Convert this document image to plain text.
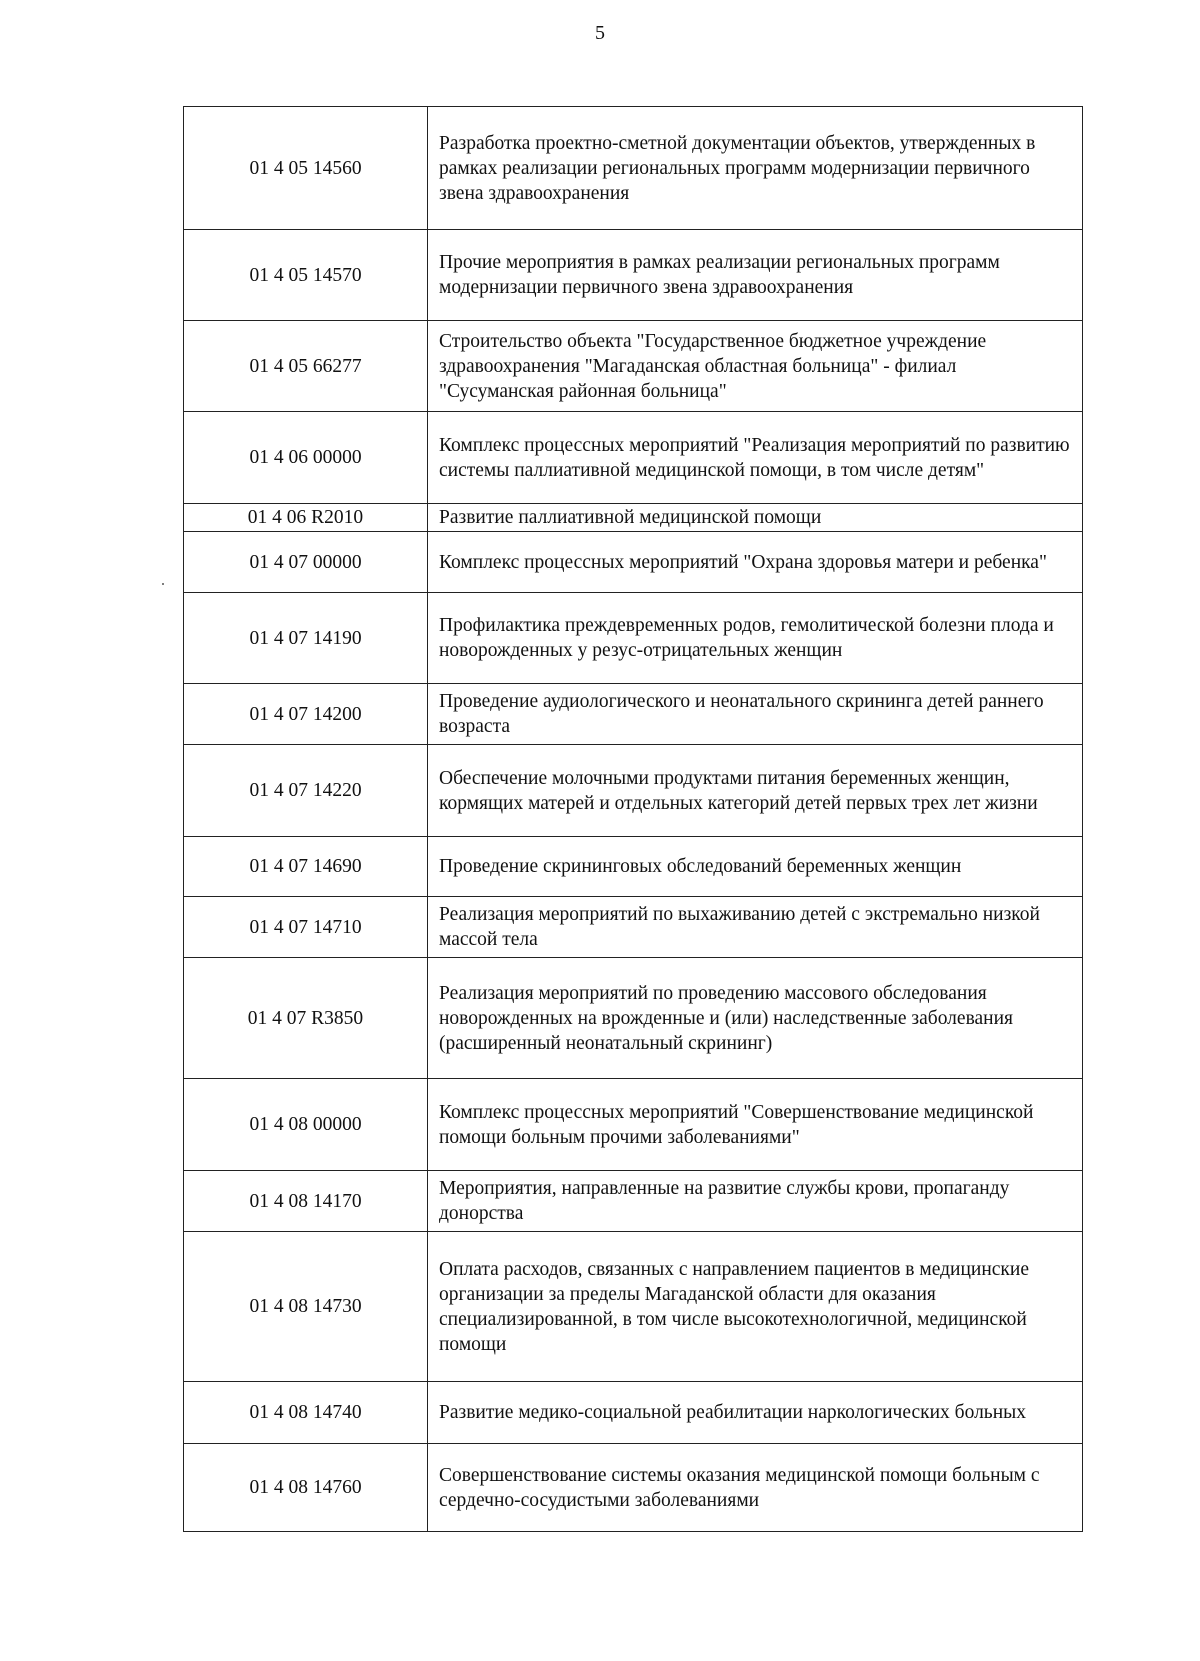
5
01 4 05 14560	Разработка проектно-сметной документации объектов, утвержденных в рамках реализации региональных программ модернизации первичного звена здравоохранения
01 4 05 14570	Прочие мероприятия в рамках реализации региональных программ модернизации первичного звена здравоохранения
01 4 05 66277	Строительство объекта "Государственное бюджетное учреждение здравоохранения "Магаданская областная больница" - филиал "Сусуманская районная больница"
01 4 06 00000	Комплекс процессных мероприятий "Реализация мероприятий по развитию системы паллиативной медицинской помощи, в том числе детям"
01 4 06 R2010	Развитие паллиативной медицинской помощи
01 4 07 00000	Комплекс процессных мероприятий "Охрана здоровья матери и ребенка"
01 4 07 14190	Профилактика преждевременных родов, гемолитической болезни плода и новорожденных у резус-отрицательных женщин
01 4 07 14200	Проведение аудиологического и неонатального скрининга детей раннего возраста
01 4 07 14220	Обеспечение молочными продуктами питания беременных женщин, кормящих матерей и отдельных категорий детей первых трех лет жизни
01 4 07 14690	Проведение скрининговых обследований беременных женщин
01 4 07 14710	Реализация мероприятий по выхаживанию детей с экстремально низкой массой тела
01 4 07 R3850	Реализация мероприятий по проведению массового обследования новорожденных на врожденные и (или) наследственные заболевания (расширенный неонатальный скрининг)
01 4 08 00000	Комплекс процессных мероприятий "Совершенствование медицинской помощи больным прочими заболеваниями"
01 4 08 14170	Мероприятия, направленные на развитие службы крови, пропаганду донорства
01 4 08 14730	Оплата расходов, связанных с направлением пациентов в медицинские организации за пределы Магаданской области для оказания специализированной, в том числе высокотехнологичной, медицинской помощи
01 4 08 14740	Развитие медико-социальной реабилитации наркологических больных
01 4 08 14760	Совершенствование системы оказания медицинской помощи больным с сердечно-сосудистыми заболеваниями
